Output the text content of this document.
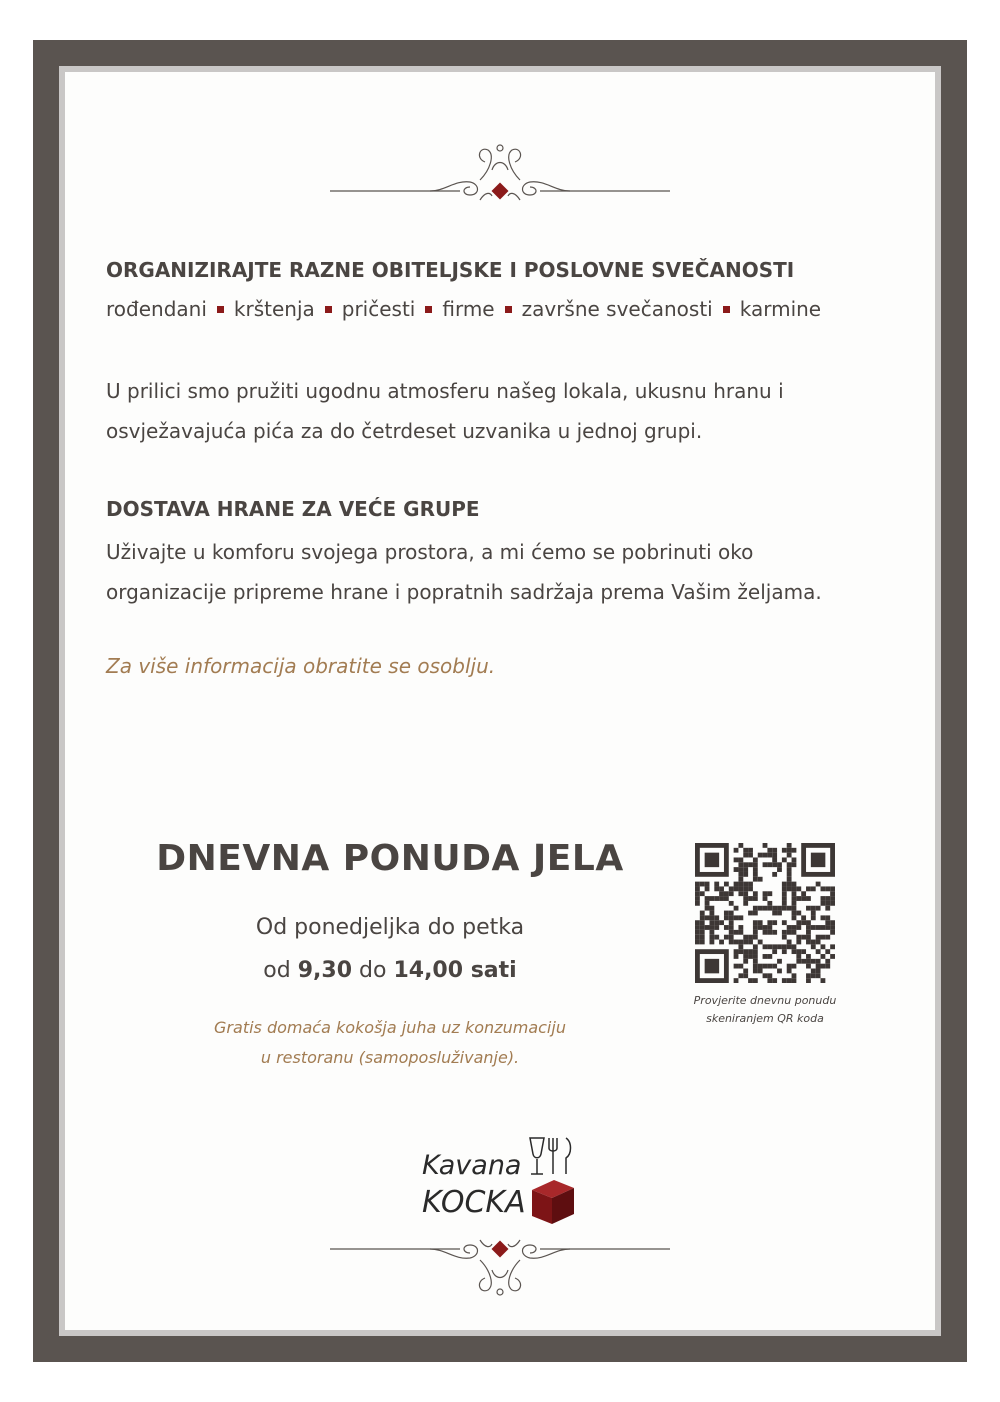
ORGANIZIRAJTE RAZNE OBITELJSKE I POSLOVNE SVEČANOSTI
rođendani krštenja pričesti firme završne svečanosti karmine
U prilici smo pružiti ugodnu atmosferu našeg lokala, ukusnu hranu i
osvježavajuća pića za do četrdeset uzvanika u jednoj grupi.
DOSTAVA HRANE ZA VEĆE GRUPE
Uživajte u komforu svojega prostora, a mi ćemo se pobrinuti oko
organizacije pripreme hrane i popratnih sadržaja prema Vašim željama.
Za više informacija obratite se osoblju.
DNEVNA PONUDA JELA
Od ponedjeljka do petka
od 9,30 do 14,00 sati
Gratis domaća kokošja juha uz konzumaciju
u restoranu (samoposluživanje).
Provjerite dnevnu ponudu
skeniranjem QR koda
Kavana
KOCKA
